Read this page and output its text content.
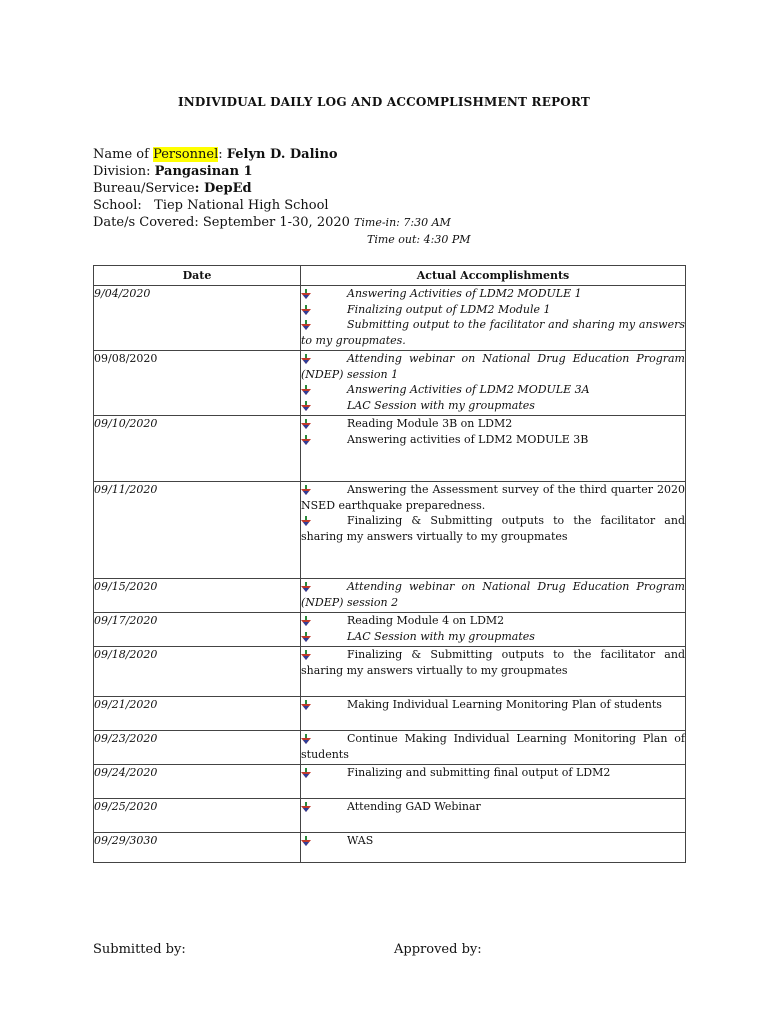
INDIVIDUAL DAILY LOG AND ACCOMPLISHMENT REPORT
Name of Personnel: Felyn D. Dalino
Division: Pangasinan 1
Bureau/Service: DepEd
School: Tiep National High School
Date/s Covered: September 1-30, 2020 Time-in: 7:30 AM
Time out: 4:30 PM
Date	Actual Accomplishments
9/04/2020	Answering Activities of LDM2 MODULE 1
Finalizing output of LDM2 Module 1
Submitting output to the facilitator and sharing my answers to my groupmates.

09/08/2020	Attending webinar on National Drug Education Program (NDEP) session 1
Answering Activities of LDM2 MODULE 3A
LAC Session with my groupmates

09/10/2020	Reading Module 3B on LDM2
Answering activities of LDM2 MODULE 3B

09/11/2020	Answering the Assessment survey of the third quarter 2020 NSED earthquake preparedness.
Finalizing & Submitting outputs to the facilitator and sharing my answers virtually to my groupmates

09/15/2020	Attending webinar on National Drug Education Program (NDEP) session 2

09/17/2020	Reading Module 4 on LDM2
LAC Session with my groupmates

09/18/2020	Finalizing & Submitting outputs to the facilitator and sharing my answers virtually to my groupmates

09/21/2020	Making Individual Learning Monitoring Plan of students

09/23/2020	Continue Making Individual Learning Monitoring Plan of students

09/24/2020	Finalizing and submitting final output of LDM2

09/25/2020	Attending GAD Webinar

09/29/3030	WAS
Submitted by:	Approved by:
